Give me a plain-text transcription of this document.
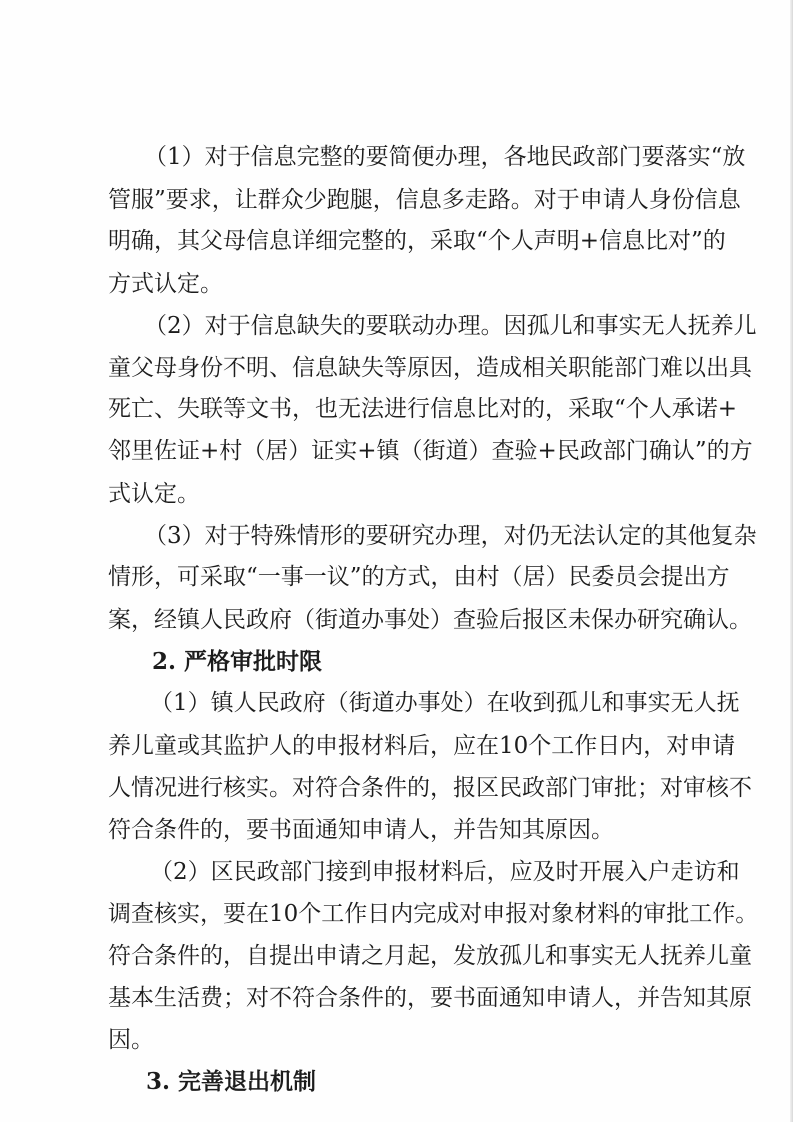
（1）对于信息完整的要简便办理，各地民政部门要落实“放
管服”要求，让群众少跑腿，信息多走路。对于申请人身份信息
明确，其父母信息详细完整的，采取“个人声明+信息比对”的
方式认定。
（2）对于信息缺失的要联动办理。因孤儿和事实无人抚养儿
童父母身份不明、信息缺失等原因，造成相关职能部门难以出具
死亡、失联等文书，也无法进行信息比对的，采取“个人承诺+
邻里佐证+村（居）证实+镇（街道）查验+民政部门确认”的方
式认定。
（3）对于特殊情形的要研究办理，对仍无法认定的其他复杂
情形，可采取“一事一议”的方式，由村（居）民委员会提出方
案，经镇人民政府（街道办事处）查验后报区未保办研究确认。
2. 严格审批时限
（1）镇人民政府（街道办事处）在收到孤儿和事实无人抚
养儿童或其监护人的申报材料后，应在10个工作日内，对申请
人情况进行核实。对符合条件的，报区民政部门审批；对审核不
符合条件的，要书面通知申请人，并告知其原因。
（2）区民政部门接到申报材料后，应及时开展入户走访和
调查核实，要在10个工作日内完成对申报对象材料的审批工作。
符合条件的，自提出申请之月起，发放孤儿和事实无人抚养儿童
基本生活费；对不符合条件的，要书面通知申请人，并告知其原
因。
3. 完善退出机制
